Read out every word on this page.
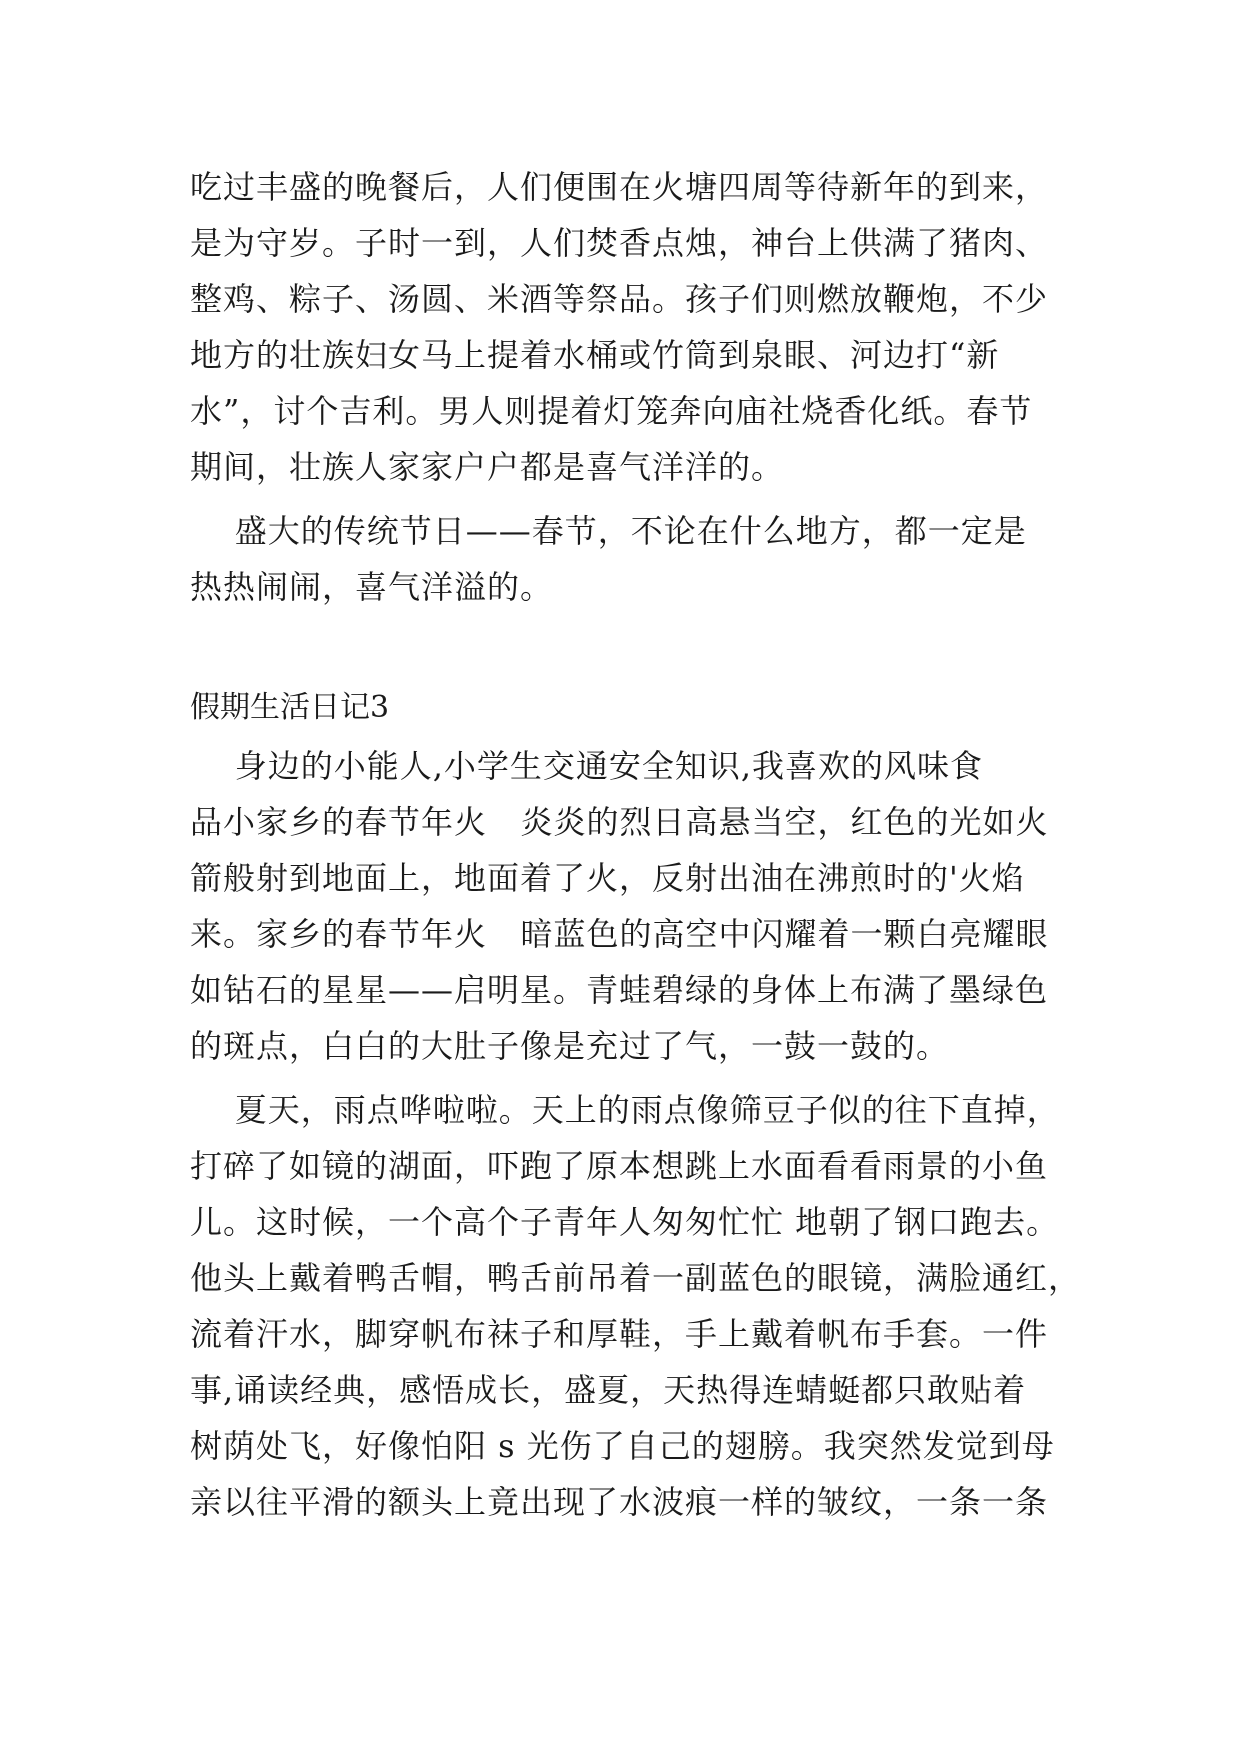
吃过丰盛的晚餐后，人们便围在火塘四周等待新年的到来，
是为守岁。子时一到，人们焚香点烛，神台上供满了猪肉、
整鸡、粽子、汤圆、米酒等祭品。孩子们则燃放鞭炮，不少
地方的壮族妇女马上提着水桶或竹筒到泉眼、河边打“新
水”，讨个吉利。男人则提着灯笼奔向庙社烧香化纸。春节
期间，壮族人家家户户都是喜气洋洋的。
盛大的传统节日——春节，不论在什么地方，都一定是
热热闹闹，喜气洋溢的。
假期生活日记3
身边的小能人,小学生交通安全知识,我喜欢的风味食
品小家乡的春节年火   炎炎的烈日高悬当空，红色的光如火
箭般射到地面上，地面着了火，反射出油在沸煎时的'火焰
来。家乡的春节年火   暗蓝色的高空中闪耀着一颗白亮耀眼
如钻石的星星——启明星。青蛙碧绿的身体上布满了墨绿色
的斑点，白白的大肚子像是充过了气，一鼓一鼓的。
夏天，雨点哗啦啦。天上的雨点像筛豆子似的往下直掉，
打碎了如镜的湖面，吓跑了原本想跳上水面看看雨景的小鱼
儿。这时候，一个高个子青年人匆匆忙忙 地朝了钢口跑去。
他头上戴着鸭舌帽，鸭舌前吊着一副蓝色的眼镜，满脸通红，
流着汗水，脚穿帆布袜子和厚鞋，手上戴着帆布手套。一件
事,诵读经典，感悟成长，盛夏，天热得连蜻蜓都只敢贴着
树荫处飞，好像怕阳 s 光伤了自己的翅膀。我突然发觉到母
亲以往平滑的额头上竟出现了水波痕一样的皱纹，一条一条
